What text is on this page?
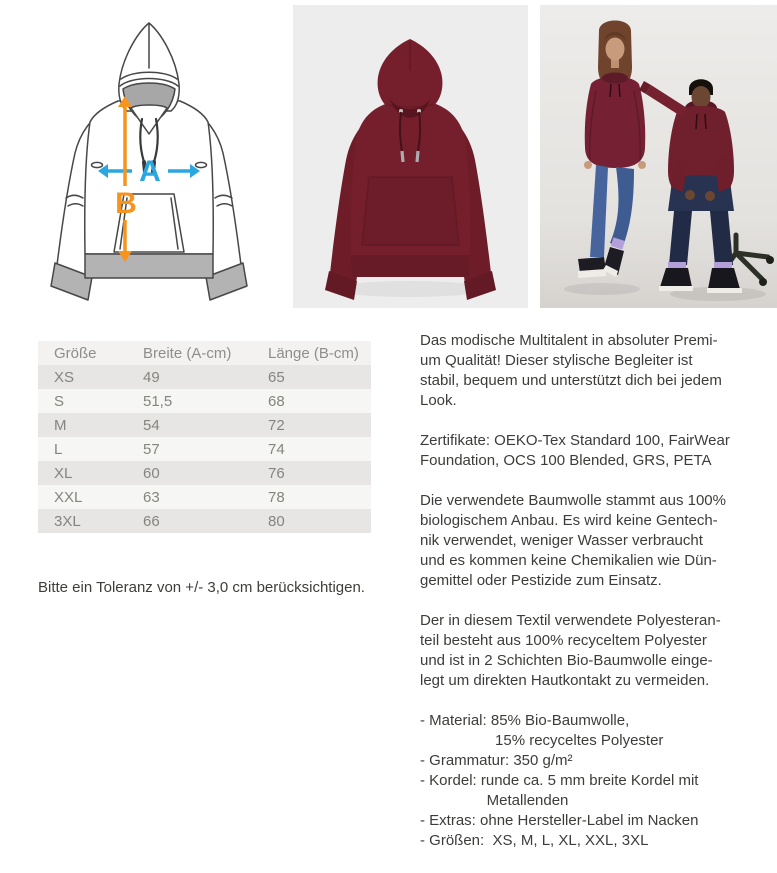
A
B
Größe	Breite (A-cm)	Länge (B-cm)
XS	49	65
S	51,5	68
M	54	72
L	57	74
XL	60	76
XXL	63	78
3XL	66	80
Bitte ein Toleranz von +/- 3,0 cm berücksichtigen.
Das modische Multitalent in absoluter Premi-
um Qualität! Dieser stylische Begleiter ist
stabil, bequem und unterstützt dich bei jedem
Look.
Zertifikate: OEKO-Tex Standard 100, FairWear
Foundation, OCS 100 Blended, GRS, PETA
Die verwendete Baumwolle stammt aus 100%
biologischem Anbau. Es wird keine Gentech-
nik verwendet, weniger Wasser verbraucht
und es kommen keine Chemikalien wie Dün-
gemittel oder Pestizide zum Einsatz.
Der in diesem Textil verwendete Polyesteran-
teil besteht aus 100% recyceltem Polyester
und ist in 2 Schichten Bio-Baumwolle einge-
legt um direkten Hautkontakt zu vermeiden.
- Material: 85% Bio-Baumwolle,
15% recyceltes Polyester
- Grammatur: 350 g/m²
- Kordel: runde ca. 5 mm breite Kordel mit
Metallenden
- Extras: ohne Hersteller-Label im Nacken
- Größen:  XS, M, L, XL, XXL, 3XL
